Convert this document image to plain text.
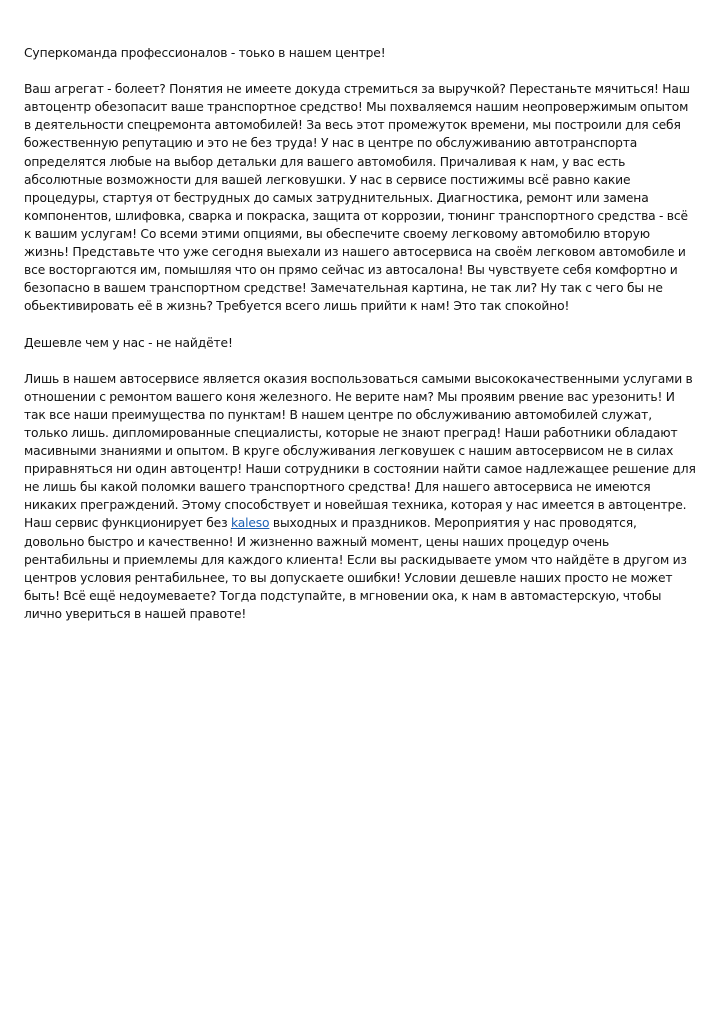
Суперкоманда профессионалов - тоько в нашем центре!

Ваш агрегат - болеет? Понятия не имеете докуда стремиться за выручкой? Перестаньте мячиться! Наш автоцентр обезопасит ваше транспортное средство! Мы похваляемся нашим неопровержимым опытом в деятельности спецремонта автомобилей! За весь этот промежуток времени, мы построили для себя божественную репутацию и это не без труда! У нас в центре по обслуживанию автотранспорта определятся любые на выбор детальки для вашего автомобиля. Причаливая к нам, у вас есть абсолютные возможности для вашей легковушки. У нас в сервисе постижимы всё равно какие процедуры, стартуя от беструдных до самых затруднительных. Диагностика, ремонт или замена компонентов, шлифовка, сварка и покраска, защита от коррозии, тюнинг транспортного средства - всё к вашим услугам! Со всеми этими опциями, вы обеспечите своему легковому автомобилю вторую жизнь! Представьте что уже сегодня выехали из нашего автосервиса на своём легковом автомобиле и все восторгаются им, помышляя что он прямо сейчас из автосалона! Вы чувствуете себя комфортно и безопасно в вашем транспортном средстве! Замечательная картина, не так ли? Ну так с чего бы не обьективировать её в жизнь? Требуется всего лишь прийти к нам! Это так спокойно!

Дешевле чем у нас - не найдёте!

Лишь в нашем автосервисе является оказия воспользоваться самыми высококачественными услугами в отношении с ремонтом вашего коня железного. Не верите нам? Мы проявим рвение вас урезонить! И так все наши преимущества по пунктам! В нашем центре по обслуживанию автомобилей служат, только лишь. дипломированные специалисты, которые не знают преград! Наши работники обладают масивными знаниями и опытом. В круге обслуживания легковушек с нашим автосервисом не в силах приравняться ни один автоцентр! Наши сотрудники в состоянии найти самое надлежащее решение для не лишь бы какой поломки вашего транспортного средства! Для нашего автосервиса не имеются никаких преграждений. Этому способствует и новейшая техника, которая у нас имеется в автоцентре. Наш сервис функционирует без kaleso выходных и праздников. Мероприятия у нас проводятся, довольно быстро и качественно! И жизненно важный момент, цены наших процедур очень рентабильны и приемлемы для каждого клиента! Если вы раскидываете умом что найдёте в другом из центров условия рентабильнее, то вы допускаете ошибки! Условии дешевле наших просто не может быть! Всё ещё недоумеваете? Тогда подступайте, в мгновении ока, к нам в автомастерскую, чтобы лично увериться в нашей правоте!
